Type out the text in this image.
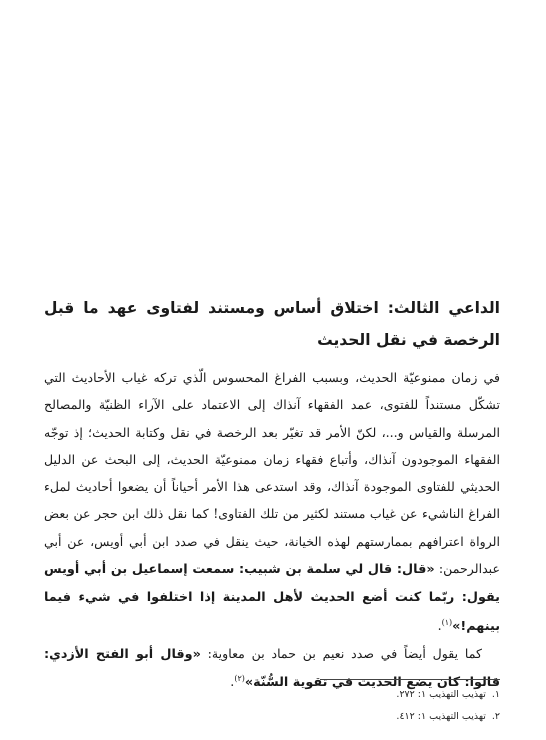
الداعي الثالث: اختلاق أساس ومستند لفتاوى عهد ما قبل الرخصة في نقل الحديث

في زمان ممنوعيّة الحديث، وبسبب الفراغ المحسوس الّذي تركه غياب الأحاديث التي تشكّل مستنداً للفتوى، عمد الفقهاء آنذاك إلى الاعتماد على الآراء الظنيّة والمصالح المرسلة والقياس و...، لكنّ الأمر قد تغيّر بعد الرخصة في نقل وكتابة الحديث؛ إذ توجّه الفقهاء الموجودون آنذاك، وأتباع فقهاء زمان ممنوعيّة الحديث، إلى البحث عن الدليل الحديثي للفتاوى الموجودة آنذاك، وقد استدعى هذا الأمر أحياناً أن يضعوا أحاديث لملء الفراغ الناشيء عن غياب مستند لكثير من تلك الفتاوى! كما نقل ذلك ابن حجر عن بعض الرواة اعترافهم بممارستهم لهذه الخيانة، حيث ينقل في صدد ابن أبي أويس، عن أبي عبدالرحمن: «قال: قال لي سلمة بن شبيب: سمعت إسماعيل بن أبي أويس يقول: ربّما كنت أضع الحديث لأهل المدينة إذا اختلفوا في شيء فيما بينهم!»$^{(١)}$.

كما يقول أيضاً في صدد نعيم بن حماد بن معاوية: «وقال أبو الفتح الأزدي: قالوا: كان يضع الحديث في تقوية السُّنّة»$^{(٢)}$.

١.تهذيب التهذيب ١: ٢٧٢.
٢.تهذيب التهذيب ١: ٤١٢.
